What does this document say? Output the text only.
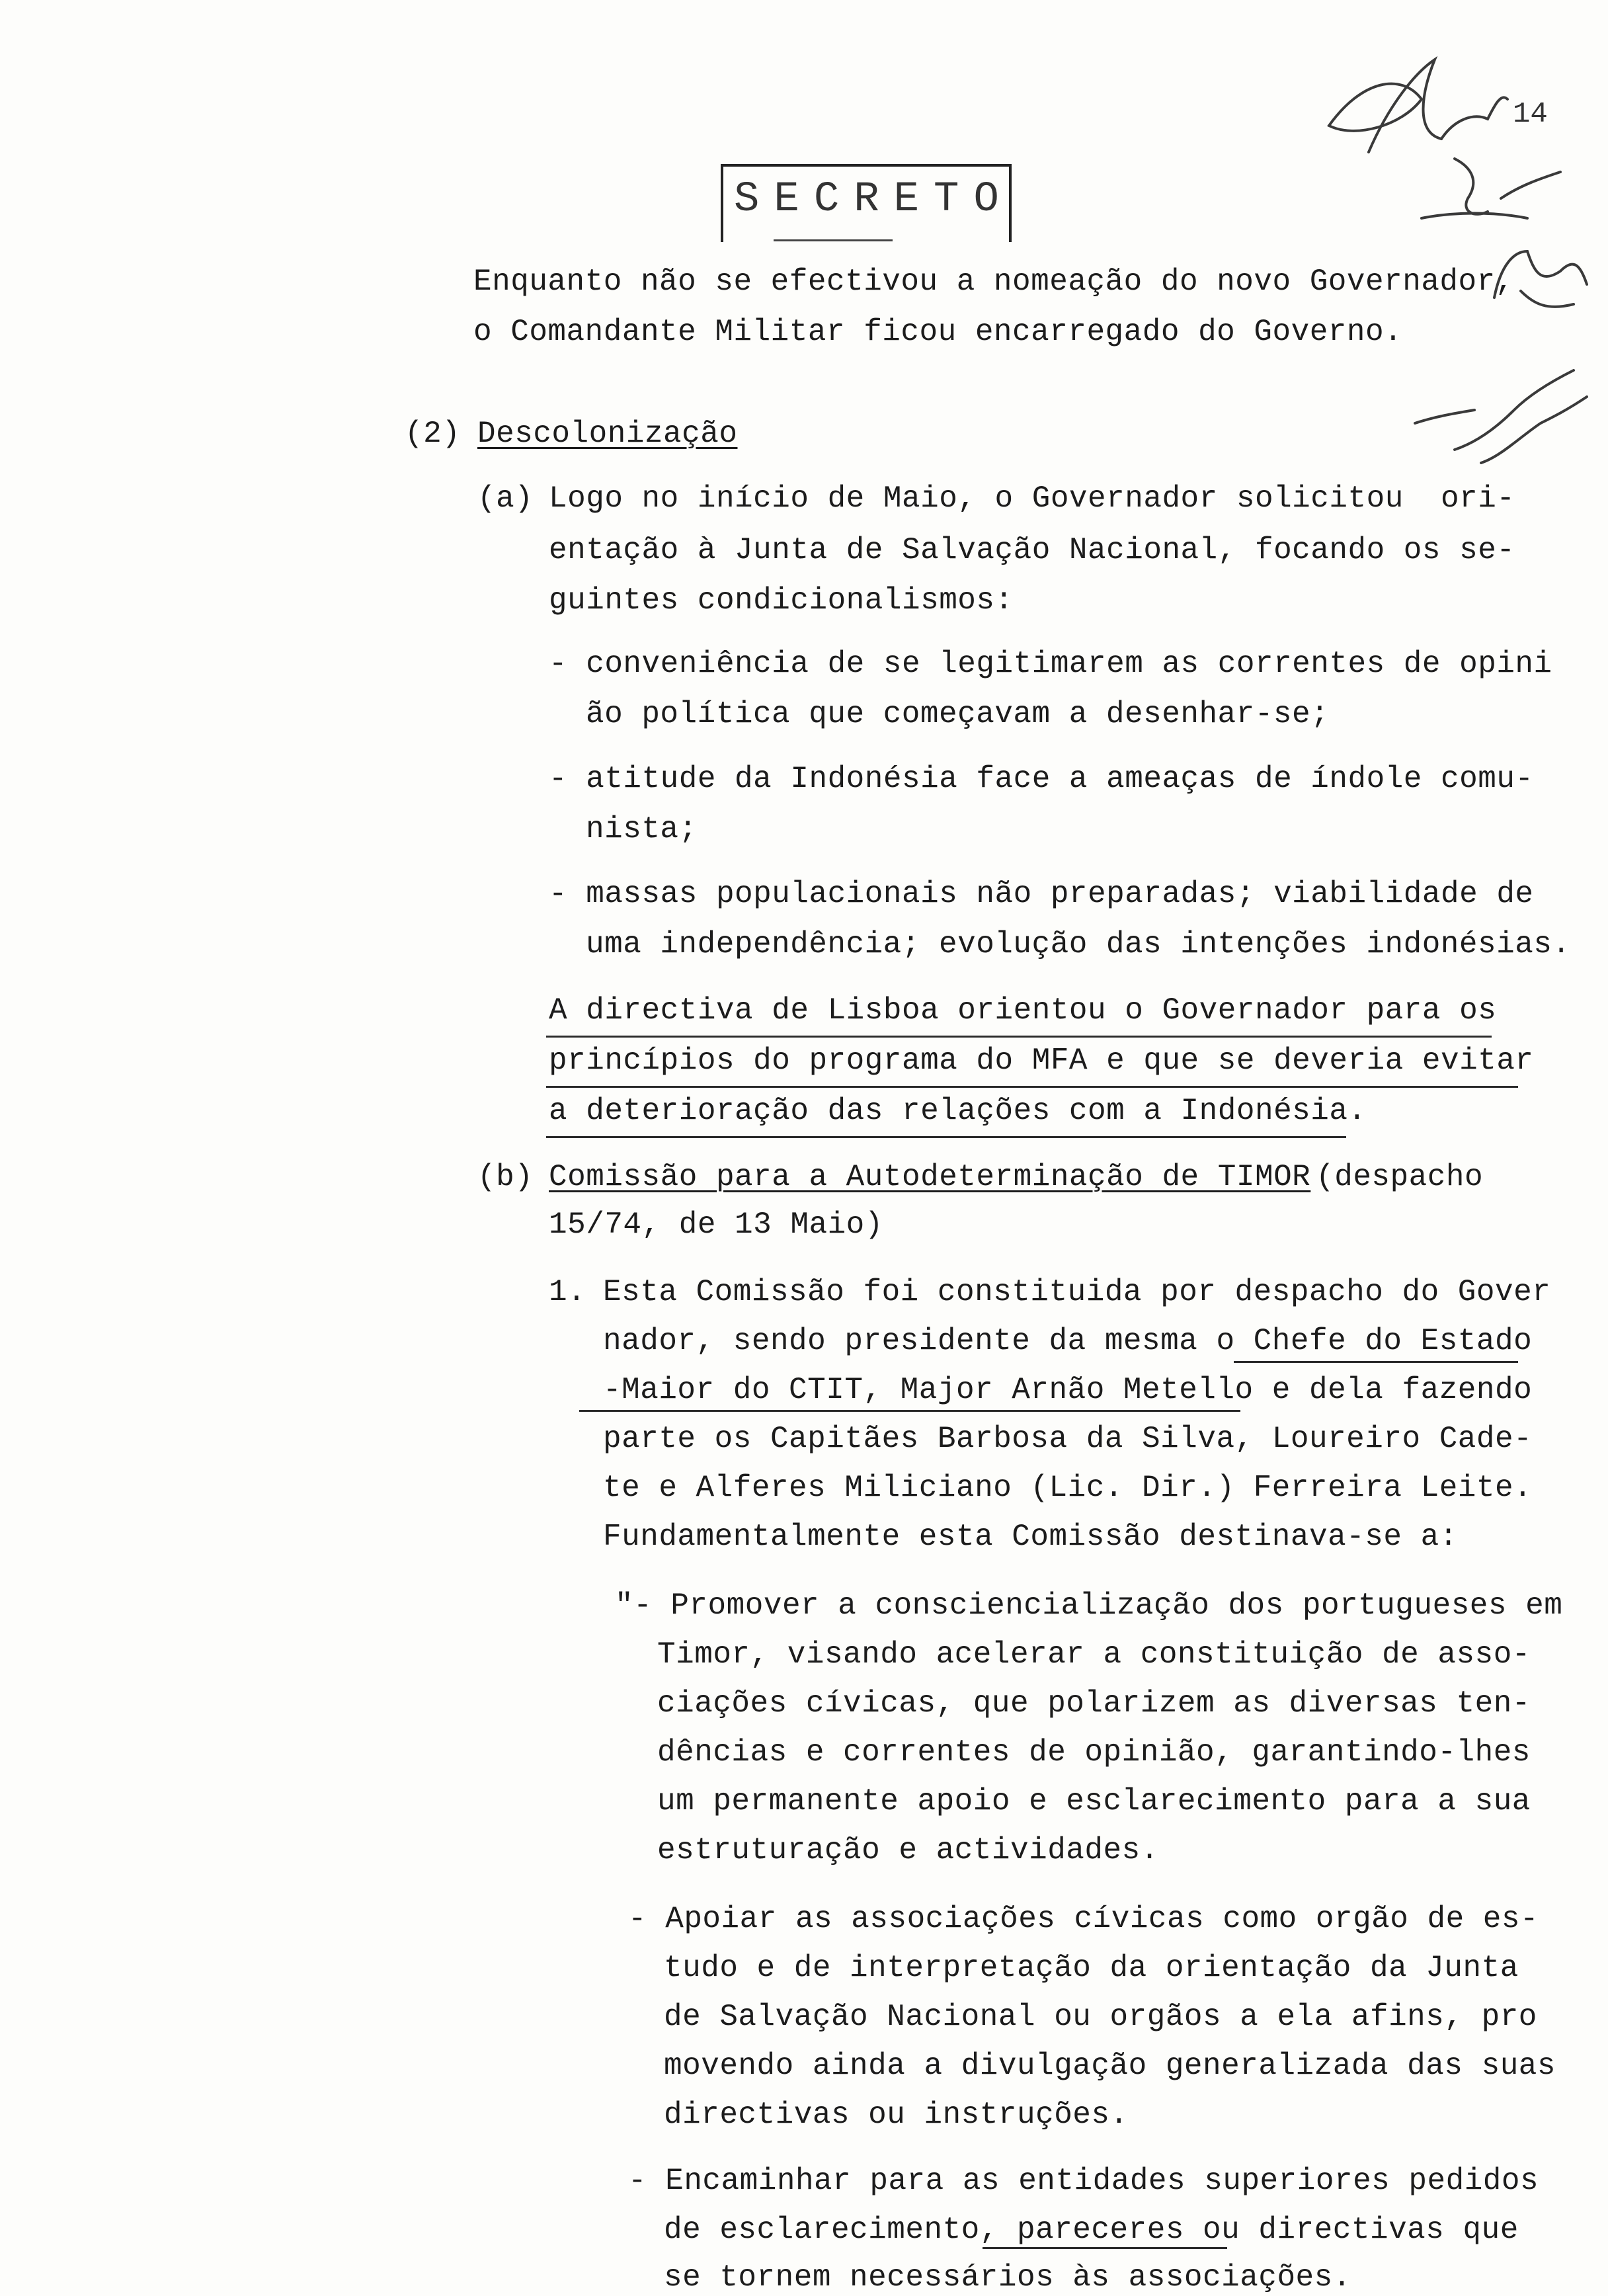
14
SECRETO
Enquanto não se efectivou a nomeação do novo Governador,
o Comandante Militar ficou encarregado do Governo.
(2) Descolonização
(a) Logo no início de Maio, o Governador solicitou  ori-
entação à Junta de Salvação Nacional, focando os se-
guintes condicionalismos:
- conveniência de se legitimarem as correntes de opini
ão política que começavam a desenhar-se;
- atitude da Indonésia face a ameaças de índole comu-
nista;
- massas populacionais não preparadas; viabilidade de
uma independência; evolução das intenções indonésias.
A directiva de Lisboa orientou o Governador para os
princípios do programa do MFA e que se deveria evitar
a deterioração das relações com a Indonésia.
(b) Comissão para a Autodeterminação de TIMOR
(despacho
15/74, de 13 Maio)
1. Esta Comissão foi constituida por despacho do Gover
nador, sendo presidente da mesma o Chefe do Estado
-Maior do CTIT, Major Arnão Metello e dela fazendo
parte os Capitães Barbosa da Silva, Loureiro Cade-
te e Alferes Miliciano (Lic. Dir.) Ferreira Leite.
Fundamentalmente esta Comissão destinava-se a:
"- Promover a consciencialização dos portugueses em
Timor, visando acelerar a constituição de asso-
ciações cívicas, que polarizem as diversas ten-
dências e correntes de opinião, garantindo-lhes
um permanente apoio e esclarecimento para a sua
estruturação e actividades.
- Apoiar as associações cívicas como orgão de es-
tudo e de interpretação da orientação da Junta
de Salvação Nacional ou orgãos a ela afins, pro
movendo ainda a divulgação generalizada das suas
directivas ou instruções.
- Encaminhar para as entidades superiores pedidos
de esclarecimento, pareceres ou directivas que
se tornem necessários às associações.
